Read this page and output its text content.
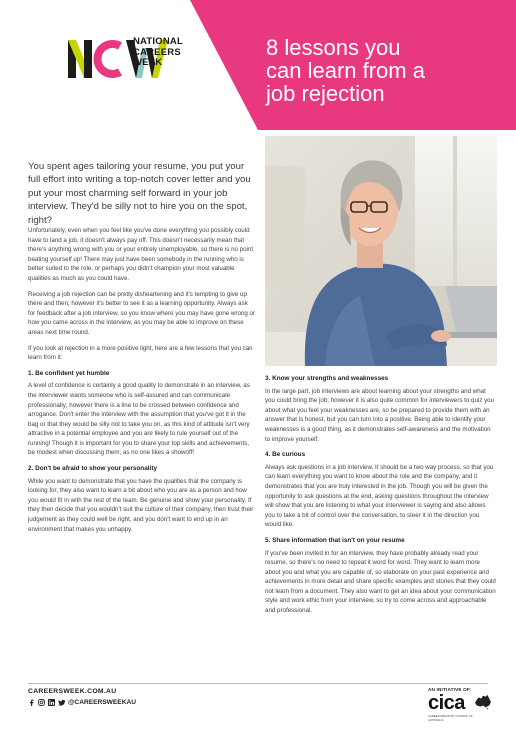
NATIONAL
CAREERS
WEEK
8 lessons you
can learn from a
job rejection
You spent ages tailoring your resume, you put your full effort into writing a top-notch cover letter and you put your most charming self forward in your job interview. They'd be silly not to hire you on the spot, right?

Unfortunately, even when you feel like you've done everything you possibly could have to land a job, it doesn't always pay off. This doesn't necessarily mean that there's anything wrong with you or your entirely unemployable, so there is no point beating yourself up! There may just have been somebody in the running who is better suited to the role, or perhaps you didn't champion your most valuable qualities as much as you could have.

Receiving a job rejection can be pretty disheartening and it's tempting to give up there and then; however it's better to see it as a learning opportunity. Always ask for feedback after a job interview, so you know where you may have gone wrong or how you came across in the interview, as you may be able to improve on these areas next time round.

If you look at rejection in a more positive light, here are a few lessons that you can learn from it:

1. Be confident yet humble

A level of confidence is certainly a good quality to demonstrate in an interview, as the interviewer wants someone who is self-assured and can communicate professionally; however there is a line to be crossed between confidence and arrogance. Don't enter the interview with the assumption that you've got it in the bag or that they would be silly not to take you on, as this kind of attitude isn't very attractive in a potential employee and you are likely to rule yourself out of the running! Though it is important for you to share your top skills and achievements, be modest when discussing them, as no one likes a showoff!

2. Don't be afraid to show your personality

While you want to demonstrate that you have the qualities that the company is looking for, they also want to learn a bit about who you are as a person and how you would fit in with the rest of the team. Be genuine and show your personality. If they then decide that you wouldn't suit the culture of their company, then trust their judgement as they could well be right, and you don't want to end up in an environment that makes you unhappy.

3. Know your strengths and weaknesses

In the large part, job interviews are about learning about your strengths and what you could bring the job; however it is also quite common for interviewers to quiz you about what you feel your weaknesses are, so be prepared to provide them with an answer that is honest, but you can turn into a positive. Being able to identify your weaknesses is a good thing, as it demonstrates self-awareness and the motivation to improve yourself.

4. Be curious

Always ask questions in a job interview. It should be a two way process, so that you can learn everything you want to know about the role and the company, and it demonstrates that you are truly interested in the job. Though you will be given the opportunity to ask questions at the end, asking questions throughout the interview will show that you are listening to what your interviewer is saying and also allows you to take a bit of control over the conversation, to steer it in the direction you would like.

5. Share information that isn't on your resume

If you've been invited in for an interview, they have probably already read your resume, so there's no need to repeat it word for word. They want to learn more about you and what you are capable of, so elaborate on your past experience and achievements in more detail and share specific examples and stories that they could not learn from a document. They also want to get an idea about your communication style and work ethic from your interview, so try to come across and approachable and professional.

CAREERSWEEK.COM.AU
@CAREERSWEEKAU
AN INITIATIVE OF:
cica
CAREER INDUSTRY COUNCIL OF AUSTRALIA
